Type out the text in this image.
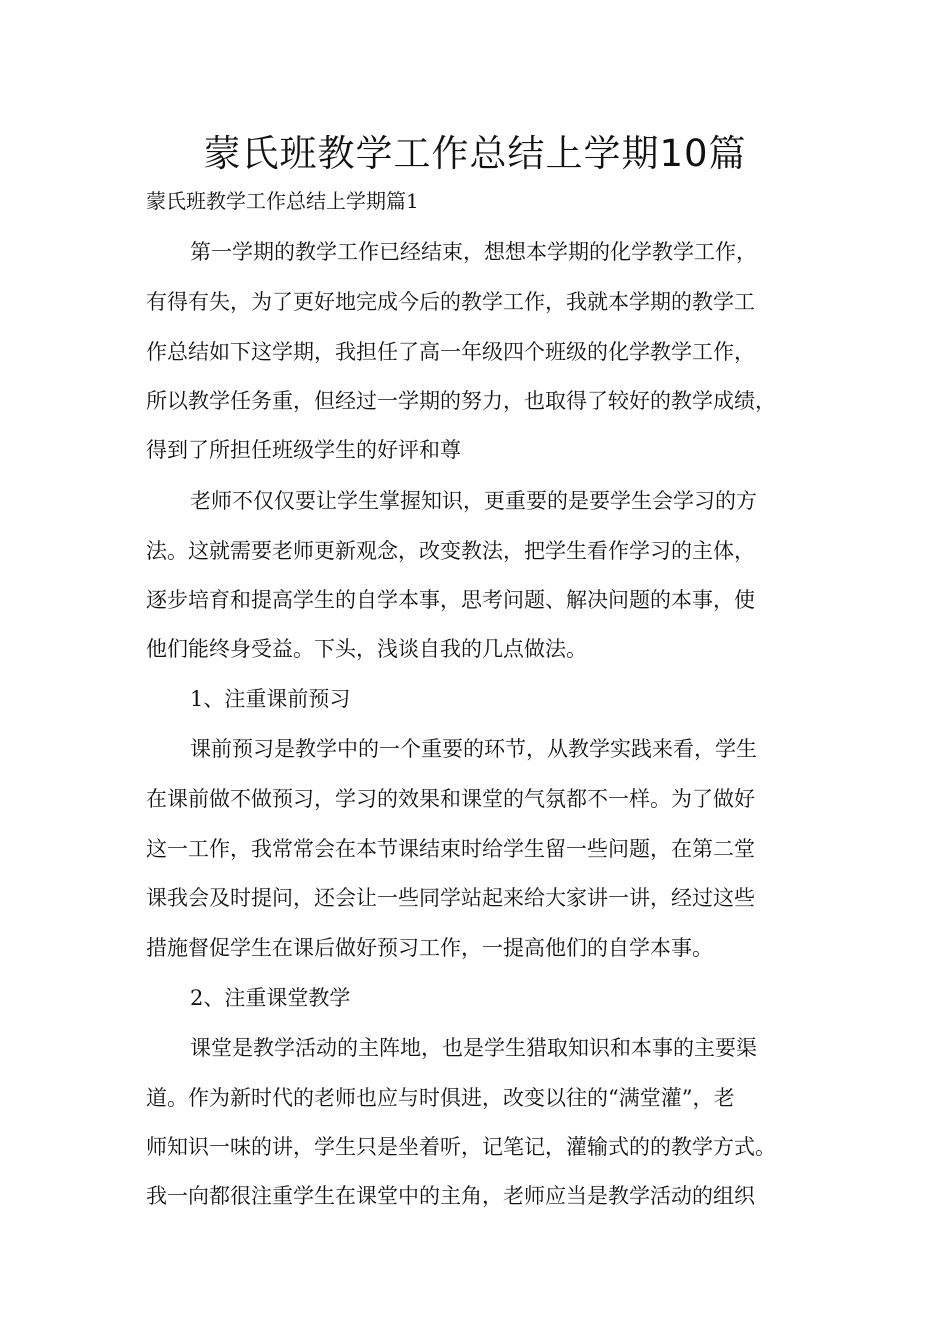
蒙氏班教学工作总结上学期10篇

蒙氏班教学工作总结上学期篇1

第一学期的教学工作已经结束，想想本学期的化学教学工作，

有得有失，为了更好地完成今后的教学工作，我就本学期的教学工

作总结如下这学期，我担任了高一年级四个班级的化学教学工作，

所以教学任务重，但经过一学期的努力，也取得了较好的教学成绩，

得到了所担任班级学生的好评和尊

老师不仅仅要让学生掌握知识，更重要的是要学生会学习的方

法。这就需要老师更新观念，改变教法，把学生看作学习的主体，

逐步培育和提高学生的自学本事，思考问题、解决问题的本事，使

他们能终身受益。下头，浅谈自我的几点做法。

1、注重课前预习

课前预习是教学中的一个重要的环节，从教学实践来看，学生

在课前做不做预习，学习的效果和课堂的气氛都不一样。为了做好

这一工作，我常常会在本节课结束时给学生留一些问题，在第二堂

课我会及时提问，还会让一些同学站起来给大家讲一讲，经过这些

措施督促学生在课后做好预习工作，一提高他们的自学本事。

2、注重课堂教学

课堂是教学活动的主阵地，也是学生猎取知识和本事的主要渠

道。作为新时代的老师也应与时俱进，改变以往的“满堂灌”，老

师知识一味的讲，学生只是坐着听，记笔记，灌输式的的教学方式。

我一向都很注重学生在课堂中的主角，老师应当是教学活动的组织
